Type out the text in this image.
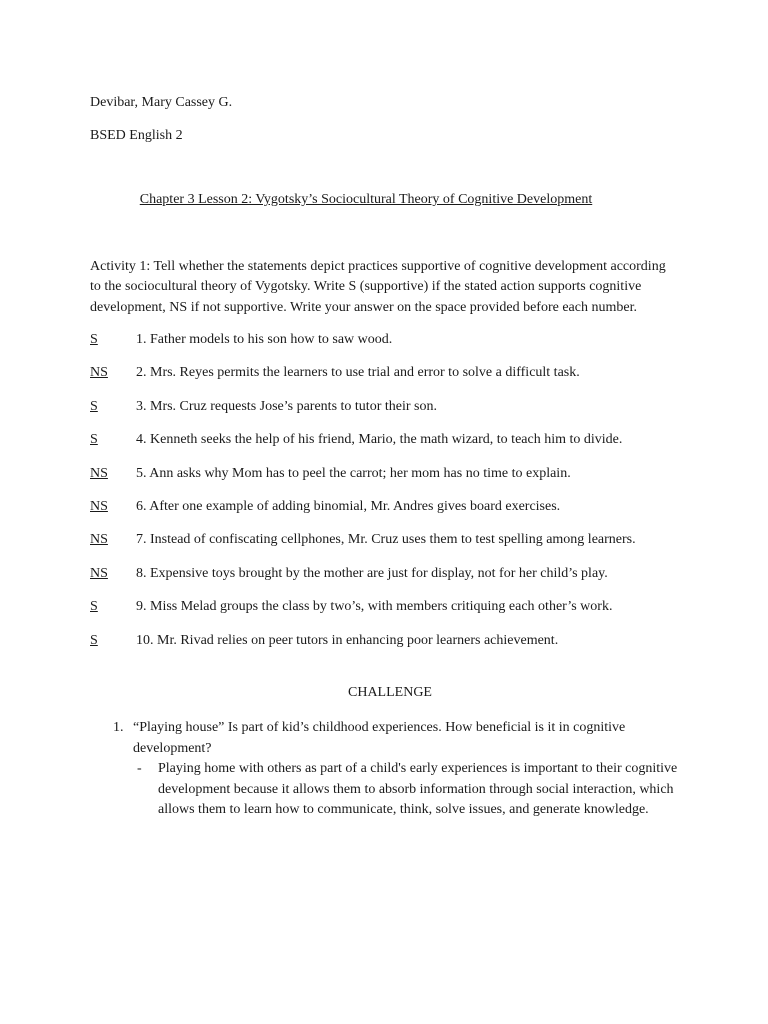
Devibar, Mary Cassey G.

BSED English 2

Chapter 3 Lesson 2: Vygotsky’s Sociocultural Theory of Cognitive Development

Activity 1: Tell whether the statements depict practices supportive of cognitive development according to the sociocultural theory of Vygotsky. Write S (supportive) if the stated action supports cognitive development, NS if not supportive. Write your answer on the space provided before each number.

S	1. Father models to his son how to saw wood.
NS 2. Mrs. Reyes permits the learners to use trial and error to solve a difficult task.
S	3. Mrs. Cruz requests Jose’s parents to tutor their son.
S	4. Kenneth seeks the help of his friend, Mario, the math wizard, to teach him to divide.
NS 5. Ann asks why Mom has to peel the carrot; her mom has no time to explain.
NS 6. After one example of adding binomial, Mr. Andres gives board exercises.
NS 7. Instead of confiscating cellphones, Mr. Cruz uses them to test spelling among learners.
NS 8. Expensive toys brought by the mother are just for display, not for her child’s play.
S	9. Miss Melad groups the class by two’s, with members critiquing each other’s work.
S	10. Mr. Rivad relies on peer tutors in enhancing poor learners achievement.

CHALLENGE

1. “Playing house” Is part of kid’s childhood experiences. How beneficial is it in cognitive development?
- Playing home with others as part of a child's early experiences is important to their cognitive development because it allows them to absorb information through social interaction, which allows them to learn how to communicate, think, solve issues, and generate knowledge.
